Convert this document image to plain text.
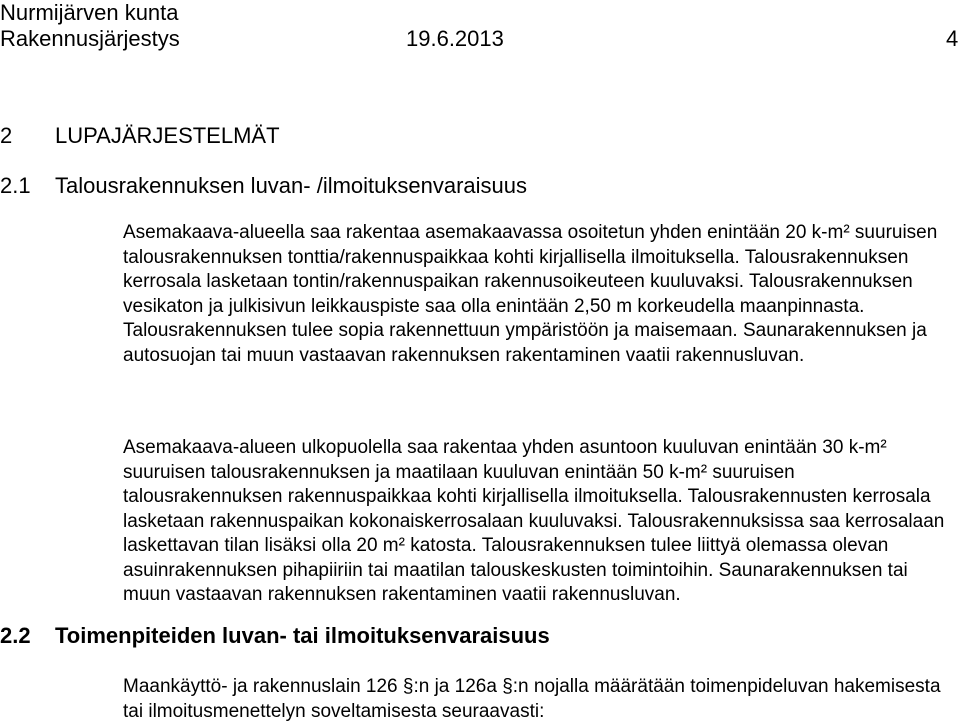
Nurmijärven kunta
Rakennusjärjestys	19.6.2013	4
2 LUPAJÄRJESTELMÄT
2.1 Talousrakennuksen luvan- /ilmoituksenvaraisuus

Asemakaava-alueella saa rakentaa asemakaavassa osoitetun yhden enintään 20 k-m² suuruisen talousrakennuksen tonttia/rakennuspaikkaa kohti kirjallisella ilmoituksella. Talousrakennuksen kerrosala lasketaan tontin/rakennuspaikan rakennusoikeuteen kuuluvaksi. Talousrakennuksen vesikaton ja julkisivun leikkauspiste saa olla enintään 2,50 m korkeudella maanpinnasta. Talousrakennuksen tulee sopia rakennettuun ympäristöön ja maisemaan. Saunarakennuksen ja autosuojan tai muun vastaavan rakennuksen rakentaminen vaatii rakennusluvan.

Asemakaava-alueen ulkopuolella saa rakentaa yhden asuntoon kuuluvan enintään 30 k-m² suuruisen talousrakennuksen ja maatilaan kuuluvan enintään 50 k-m² suuruisen talousrakennuksen rakennuspaikkaa kohti kirjallisella ilmoituksella. Talousrakennusten kerrosala lasketaan rakennuspaikan kokonaiskerrosalaan kuuluvaksi. Talousrakennuksissa saa kerrosalaan laskettavan tilan lisäksi olla 20 m² katosta. Talousrakennuksen tulee liittyä olemassa olevan asuinrakennuksen pihapiiriin tai maatilan talouskeskusten toimintoihin. Saunarakennuksen tai muun vastaavan rakennuksen rakentaminen vaatii rakennusluvan.

2.2 Toimenpiteiden luvan- tai ilmoituksenvaraisuus

Maankäyttö- ja rakennuslain 126 §:n ja 126a §:n nojalla määrätään toimenpideluvan hakemisesta tai ilmoitusmenettelyn soveltamisesta seuraavasti:
